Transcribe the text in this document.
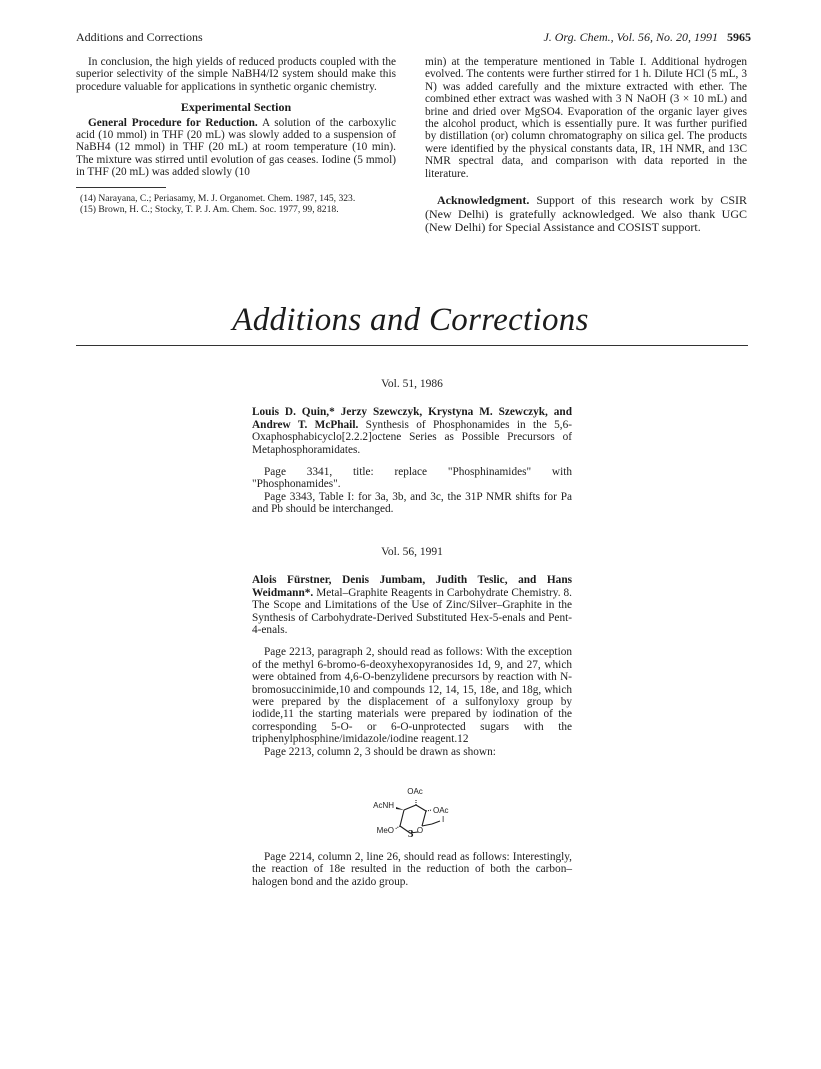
Additions and Corrections	J. Org. Chem., Vol. 56, No. 20, 1991 5965

In conclusion, the high yields of reduced products coupled with the superior selectivity of the simple NaBH4/I2 system should make this procedure valuable for applications in synthetic organic chemistry.

Experimental Section

General Procedure for Reduction. A solution of the carboxylic acid (10 mmol) in THF (20 mL) was slowly added to a suspension of NaBH4 (12 mmol) in THF (20 mL) at room temperature (10 min). The mixture was stirred until evolution of gas ceases. Iodine (5 mmol) in THF (20 mL) was added slowly (10

(14) Narayana, C.; Periasamy, M. J. Organomet. Chem. 1987, 145, 323.

(15) Brown, H. C.; Stocky, T. P. J. Am. Chem. Soc. 1977, 99, 8218.

min) at the temperature mentioned in Table I. Additional hydrogen evolved. The contents were further stirred for 1 h. Dilute HCl (5 mL, 3 N) was added carefully and the mixture extracted with ether. The combined ether extract was washed with 3 N NaOH (3 × 10 mL) and brine and dried over MgSO4. Evaporation of the organic layer gives the alcohol product, which is essentially pure. It was further purified by distillation (or) column chromatography on silica gel. The products were identified by the physical constants data, IR, 1H NMR, and 13C NMR spectral data, and comparison with data reported in the literature.

Acknowledgment. Support of this research work by CSIR (New Delhi) is gratefully acknowledged. We also thank UGC (New Delhi) for Special Assistance and COSIST support.

Additions and Corrections
Vol. 51, 1986

Louis D. Quin,* Jerzy Szewczyk, Krystyna M. Szewczyk, and Andrew T. McPhail. Synthesis of Phosphonamides in the 5,6-Oxaphosphabicyclo[2.2.2]octene Series as Possible Precursors of Metaphosphoramidates.

Page 3341, title: replace "Phosphinamides" with "Phosphonamides".

Page 3343, Table I: for 3a, 3b, and 3c, the 31P NMR shifts for Pa and Pb should be interchanged.

Vol. 56, 1991

Alois Fürstner, Denis Jumbam, Judith Teslic, and Hans Weidmann*. Metal–Graphite Reagents in Carbohydrate Chemistry. 8. The Scope and Limitations of the Use of Zinc/Silver–Graphite in the Synthesis of Carbohydrate-Derived Substituted Hex-5-enals and Pent-4-enals.

Page 2213, paragraph 2, should read as follows: With the exception of the methyl 6-bromo-6-deoxyhexopyranosides 1d, 9, and 27, which were obtained from 4,6-O-benzylidene precursors by reaction with N-bromosuccinimide,10 and compounds 12, 14, 15, 18e, and 18g, which were prepared by the displacement of a sulfonyloxy group by iodide,11 the starting materials were prepared by iodination of the corresponding 5-O- or 6-O-unprotected sugars with the triphenylphosphine/imidazole/iodine reagent.12

Page 2213, column 2, 3 should be drawn as shown:

OAc
AcNH
OAc
MeO	O
I
3

Page 2214, column 2, line 26, should read as follows: Interestingly, the reaction of 18e resulted in the reduction of both the carbon–halogen bond and the azido group.
